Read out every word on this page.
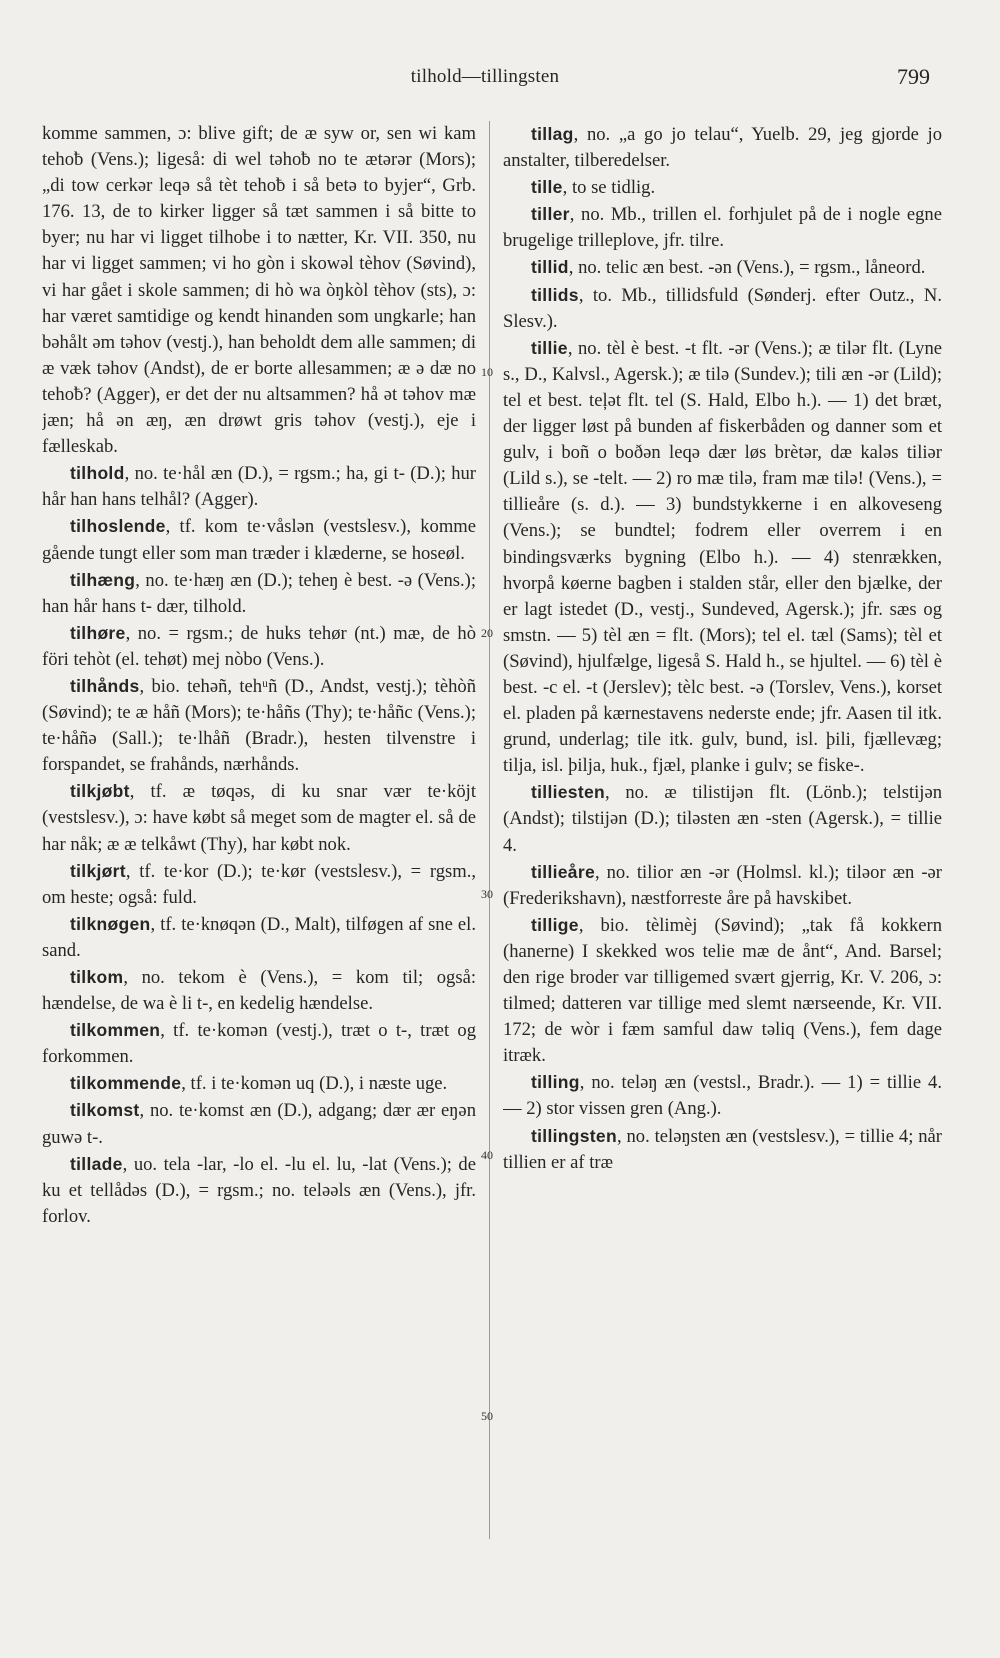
tilhold—tillingsten	799

komme sammen, ɔ: blive gift; de æ syw or, sen wi kam tehoƀ (Vens.); ligeså: di wel təhoƀ no te ætərər (Mors); „di tow cerkər leqə så tèt tehoƀ i så betə to byjer“, Grb. 176. 13, de to kirker ligger så tæt sammen i så bitte to byer; nu har vi ligget tilhobe i to nætter, Kr. VII. 350, nu har vi ligget sammen; vi ho gòn i skowəl tèhov (Søvind), vi har gået i skole sammen; di hò wa òŋkòl tèhov (sts), ɔ: har været samtidige og kendt hinanden som ungkarle; han bəhålt əm təhov (vestj.), han beholdt dem alle sammen; di æ væk təhov (Andst), de er borte allesammen; æ ə dæ no tehoƀ? (Agger), er det der nu altsammen? hå ət təhov mæ jæn; hå ən æŋ, æn drøwt gris təhov (vestj.), eje i fælleskab.

tilhold, no. te·hål æn (D.), = rgsm.; ha, gi t- (D.); hur hår han hans telhål? (Agger).

tilhoslende, tf. kom te·våslən (vestslesv.), komme gående tungt eller som man træder i klæderne, se hoseøl.

tilhæng, no. te·hæŋ æn (D.); teheŋ è best. -ə (Vens.); han hår hans t- dær, tilhold.

tilhøre, no. = rgsm.; de huks tehør (nt.) mæ, de hò föri tehòt (el. tehøt) mej nòbo (Vens.).

tilhånds, bio. tehəñ, tehᵘñ (D., Andst, vestj.); tèhòñ (Søvind); te æ håñ (Mors); te·håñs (Thy); te·håñc (Vens.); te·håñə (Sall.); te·lhåñ (Bradr.), hesten tilvenstre i forspandet, se frahånds, nærhånds.

tilkjøbt, tf. æ tøqəs, di ku snar vær te·köjt (vestslesv.), ɔ: have købt så meget som de magter el. så de har nåk; æ æ telkåwt (Thy), har købt nok.

tilkjørt, tf. te·kor (D.); te·kør (vestslesv.), = rgsm., om heste; også: fuld.

tilknøgen, tf. te·knøqən (D., Malt), tilføgen af sne el. sand.

tilkom, no. tekom è (Vens.), = kom til; også: hændelse, de wa è li t-, en kedelig hændelse.

tilkommen, tf. te·komən (vestj.), træt o t-, træt og forkommen.

tilkommende, tf. i te·komən uq (D.), i næste uge.

tilkomst, no. te·komst æn (D.), adgang; dær ær eŋən guwə t-.

tillade, uo. tela -lar, -lo el. -lu el. lu, -lat (Vens.); de ku et tellådəs (D.), = rgsm.; no. teləəls æn (Vens.), jfr. forlov.

10
20
30
40
50

tillag, no. „a go jo telau“, Yuelb. 29, jeg gjorde jo anstalter, tilberedelser.

tille, to se tidlig.

tiller, no. Mb., trillen el. forhjulet på de i nogle egne brugelige trilleplove, jfr. tilre.

tillid, no. telic æn best. -ən (Vens.), = rgsm., låneord.

tillids, to. Mb., tillidsfuld (Sønderj. efter Outz., N. Slesv.).

tillie, no. tèl è best. -t flt. -ər (Vens.); æ tilər flt. (Lyne s., D., Kalvsl., Agersk.); æ tilə (Sundev.); tili æn -ər (Lild); tel et best. teļət flt. tel (S. Hald, Elbo h.). — 1) det bræt, der ligger løst på bunden af fiskerbåden og danner som et gulv, i boñ o boðən leqə dær løs brètər, dæ kaləs tiliər (Lild s.), se -telt. — 2) ro mæ tilə, fram mæ tilə! (Vens.), = tillieåre (s. d.). — 3) bundstykkerne i en alkoveseng (Vens.); se bundtel; fodrem eller overrem i en bindingsværks bygning (Elbo h.). — 4) stenrækken, hvorpå køerne bagben i stalden står, eller den bjælke, der er lagt istedet (D., vestj., Sundeved, Agersk.); jfr. sæs og smstn. — 5) tèl æn = flt. (Mors); tel el. tæl (Sams); tèl et (Søvind), hjulfælge, ligeså S. Hald h., se hjultel. — 6) tèl è best. -c el. -t (Jerslev); tèlc best. -ə (Torslev, Vens.), korset el. pladen på kærnestavens nederste ende; jfr. Aasen til itk. grund, underlag; tile itk. gulv, bund, isl. þili, fjællevæg; tilja, isl. þilja, huk., fjæl, planke i gulv; se fiske-.

tilliesten, no. æ tilistijən flt. (Lönb.); telstijən (Andst); tilstijən (D.); tiləsten æn -sten (Agersk.), = tillie 4.

tillieåre, no. tilior æn -ər (Holmsl. kl.); tiləor æn -ər (Frederikshavn), næstforreste åre på havskibet.

tillige, bio. tèlimèj (Søvind); „tak få kokkern (hanerne) I skekked wos telie mæ de ånt“, And. Barsel; den rige broder var tilligemed svært gjerrig, Kr. V. 206, ɔ: tilmed; datteren var tillige med slemt nærseende, Kr. VII. 172; de wòr i fæm samful daw təliq (Vens.), fem dage itræk.

tilling, no. teləŋ æn (vestsl., Bradr.). — 1) = tillie 4. — 2) stor vissen gren (Ang.).

tillingsten, no. teləŋsten æn (vestslesv.), = tillie 4; når tillien er af træ
